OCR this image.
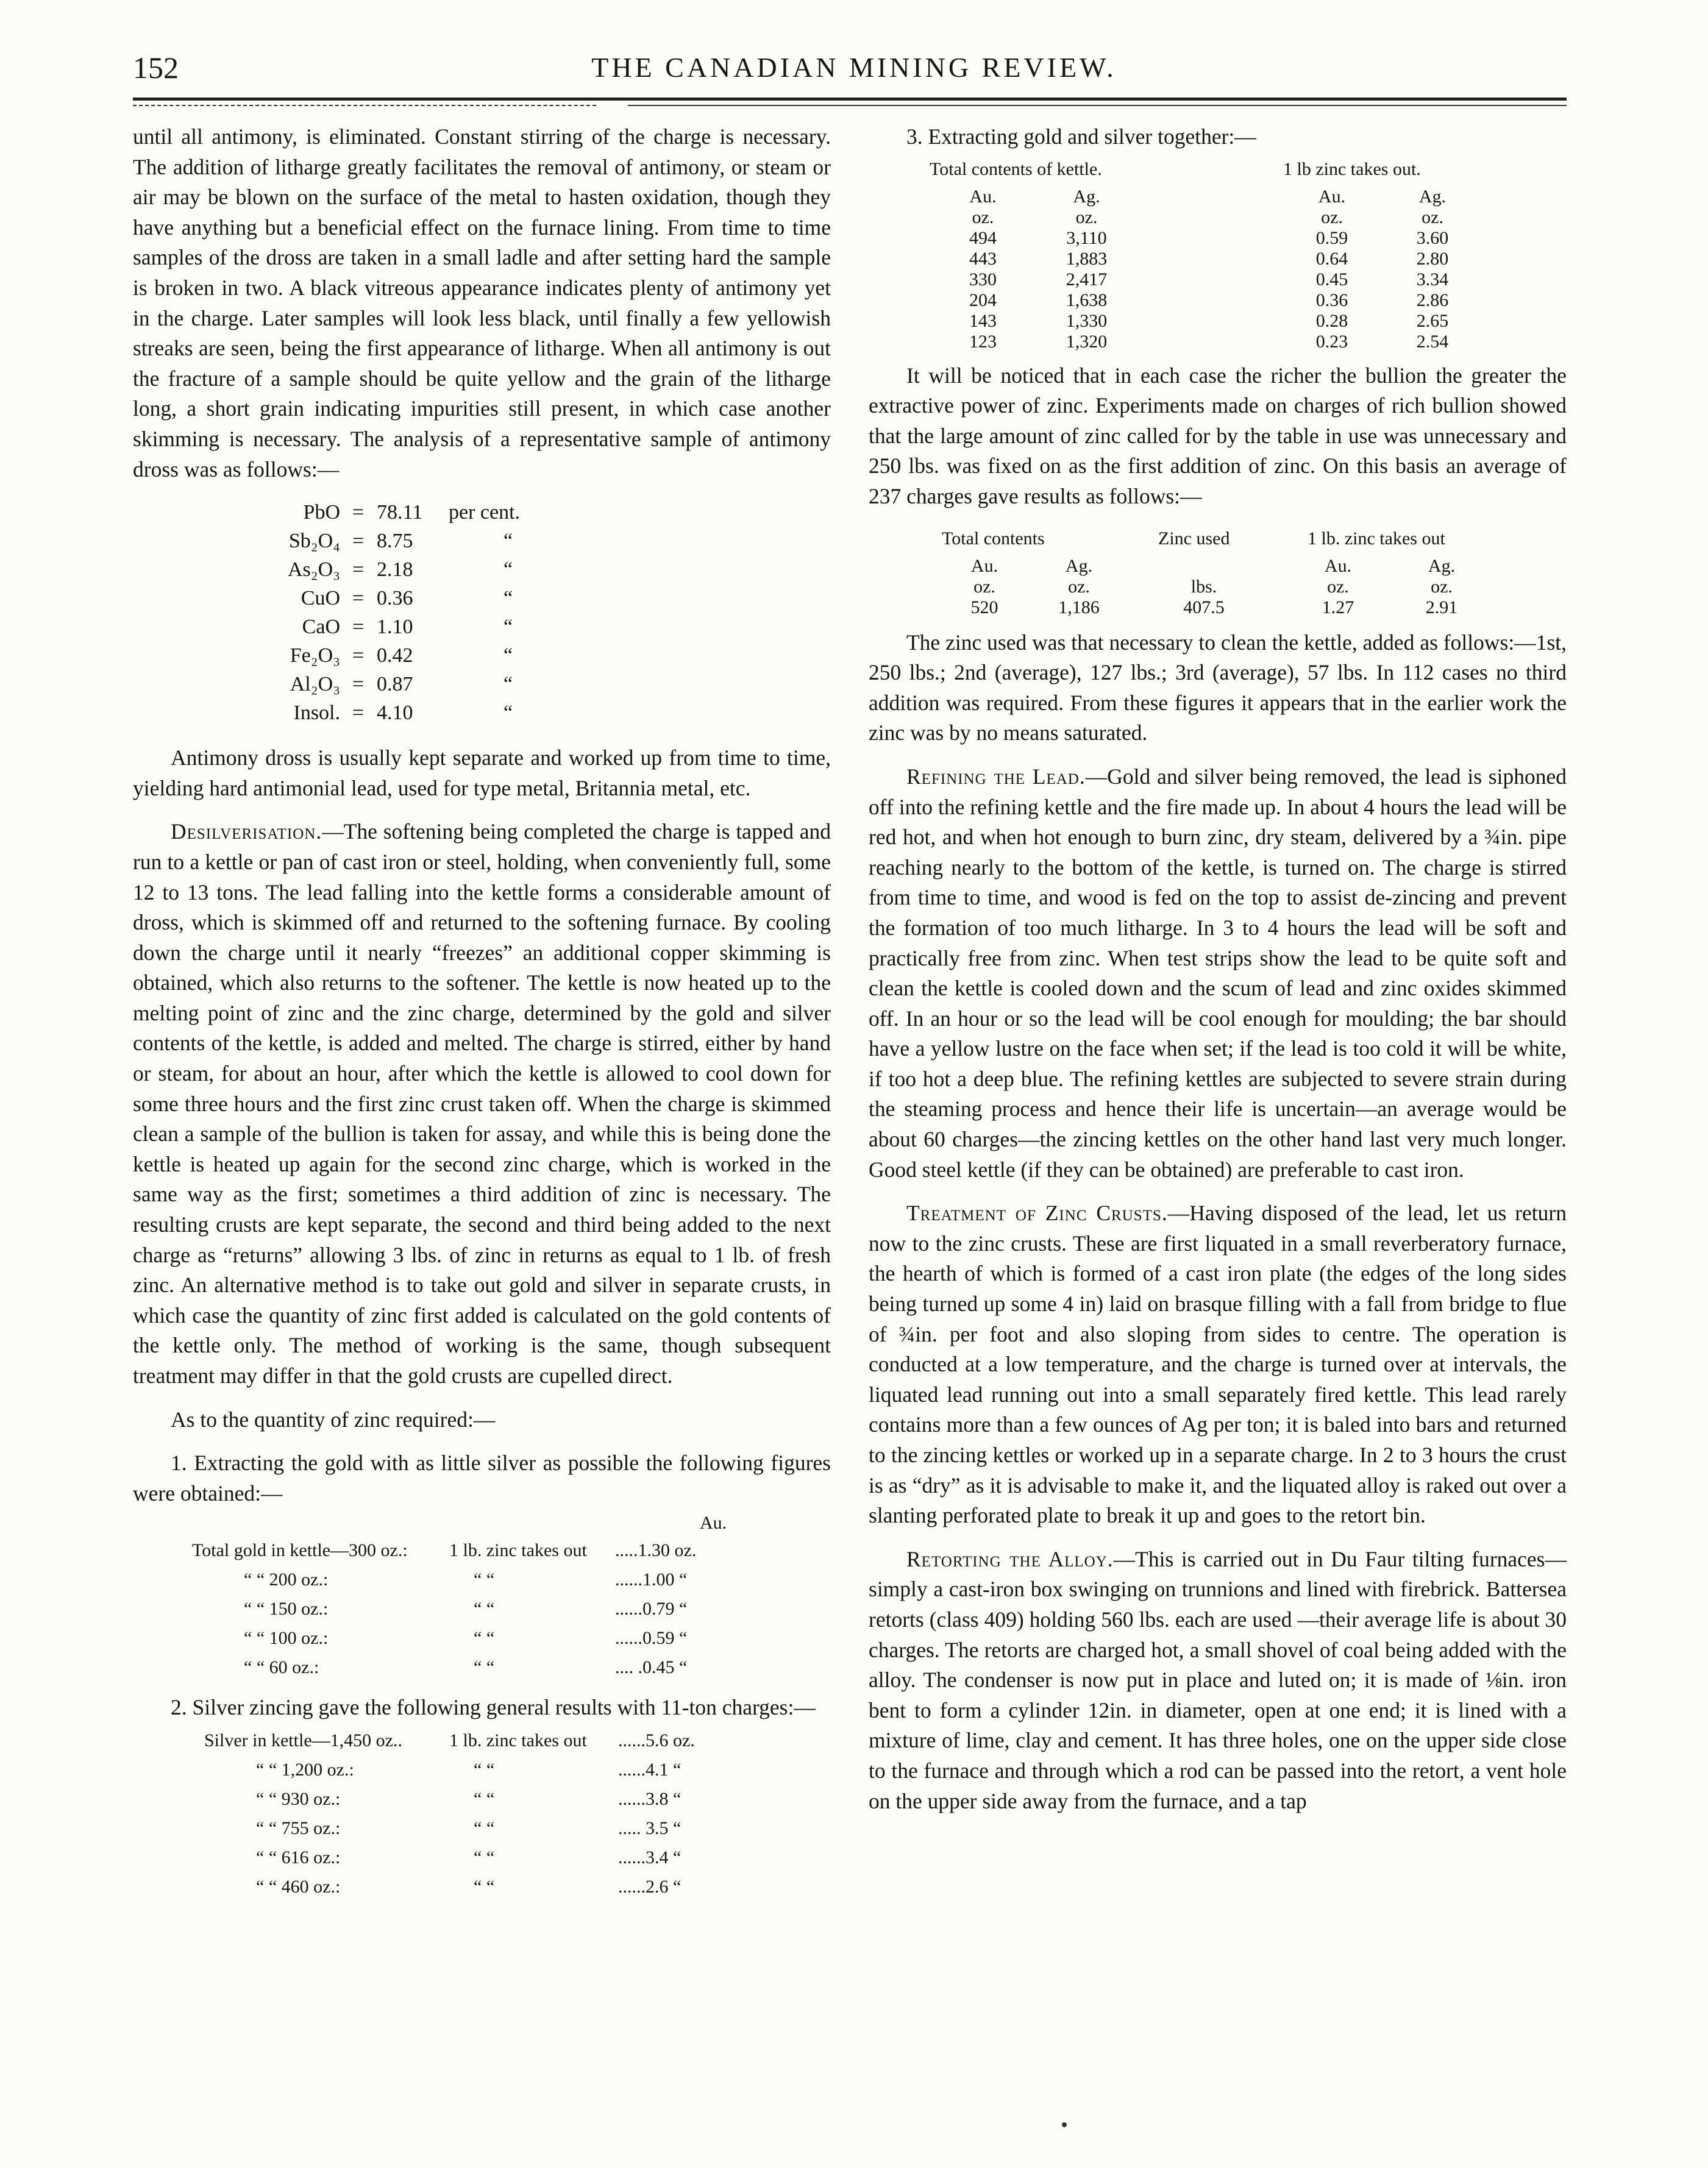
152	THE CANADIAN MINING REVIEW.

until all antimony, is eliminated. Constant stirring of the charge is necessary. The addition of litharge greatly facilitates the removal of antimony, or steam or air may be blown on the surface of the metal to hasten oxidation, though they have anything but a beneficial effect on the furnace lining. From time to time samples of the dross are taken in a small ladle and after setting hard the sample is broken in two. A black vitreous appearance indicates plenty of antimony yet in the charge. Later samples will look less black, until finally a few yellowish streaks are seen, being the first appearance of litharge. When all antimony is out the fracture of a sample should be quite yellow and the grain of the litharge long, a short grain indicating impurities still present, in which case another skimming is necessary. The analysis of a representative sample of antimony dross was as follows:—

PbO = 78.11	per cent.
Sb₂O₄ = 8.75	“
As₂O₃ = 2.18	“
CuO = 0.36	“
CaO = 1.10	“
Fe₂O₃ = 0.42	“
Al₂O₃ = 0.87	“
Insol. = 4.10	“

Antimony dross is usually kept separate and worked up from time to time, yielding hard antimonial lead, used for type metal, Britannia metal, etc.

Desilverisation.—The softening being completed the charge is tapped and run to a kettle or pan of cast iron or steel, holding, when conveniently full, some 12 to 13 tons. The lead falling into the kettle forms a considerable amount of dross, which is skimmed off and returned to the softening furnace. By cooling down the charge until it nearly “freezes” an additional copper skimming is obtained, which also returns to the softener. The kettle is now heated up to the melting point of zinc and the zinc charge, determined by the gold and silver contents of the kettle, is added and melted. The charge is stirred, either by hand or steam, for about an hour, after which the kettle is allowed to cool down for some three hours and the first zinc crust taken off. When the charge is skimmed clean a sample of the bullion is taken for assay, and while this is being done the kettle is heated up again for the second zinc charge, which is worked in the same way as the first; sometimes a third addition of zinc is necessary. The resulting crusts are kept separate, the second and third being added to the next charge as “returns” allowing 3 lbs. of zinc in returns as equal to 1 lb. of fresh zinc. An alternative method is to take out gold and silver in separate crusts, in which case the quantity of zinc first added is calculated on the gold contents of the kettle only. The method of working is the same, though subsequent treatment may differ in that the gold crusts are cupelled direct.

As to the quantity of zinc required:—

1. Extracting the gold with as little silver as possible the following figures were obtained:—

Au.
Total gold in kettle—300 oz.:	1 lb. zinc takes out	.....1.30 oz.
“ “ 200 oz.:	“ “	......1.00 “
“ “ 150 oz.:	“ “	......0.79 “
“ “ 100 oz.:	“ “	......0.59 “
“ “ 60 oz.:	“ “	.... .0.45 “

2. Silver zincing gave the following general results with 11-ton charges:—

Silver in kettle—1,450 oz..	1 lb. zinc takes out	......5.6 oz.
“ “ 1,200 oz.:	“ “	......4.1 “
“ “ 930 oz.:	“ “	......3.8 “
“ “ 755 oz.:	“ “	..... 3.5 “
“ “ 616 oz.:	“ “	......3.4 “
“ “ 460 oz.:	“ “	......2.6 “

3. Extracting gold and silver together:—

Total contents of kettle.	1 lb zinc takes out.
Au.	Ag.		Au.	Ag.
oz.	oz.		oz.	oz.
494	3,110		0.59	3.60
443	1,883		0.64	2.80
330	2,417		0.45	3.34
204	1,638		0.36	2.86
143	1,330		0.28	2.65
123	1,320		0.23	2.54

It will be noticed that in each case the richer the bullion the greater the extractive power of zinc. Experiments made on charges of rich bullion showed that the large amount of zinc called for by the table in use was unnecessary and 250 lbs. was fixed on as the first addition of zinc. On this basis an average of 237 charges gave results as follows:—

Total contents	Zinc used	1 lb. zinc takes out
Au.	Ag.		Au.	Ag.
oz.	oz.	lbs.	oz.	oz.
520	1,186	407.5	1.27	2.91

The zinc used was that necessary to clean the kettle, added as follows:—1st, 250 lbs.; 2nd (average), 127 lbs.; 3rd (average), 57 lbs. In 112 cases no third addition was required. From these figures it appears that in the earlier work the zinc was by no means saturated.

Refining the Lead.—Gold and silver being removed, the lead is siphoned off into the refining kettle and the fire made up. In about 4 hours the lead will be red hot, and when hot enough to burn zinc, dry steam, delivered by a ¾in. pipe reaching nearly to the bottom of the kettle, is turned on. The charge is stirred from time to time, and wood is fed on the top to assist de-zincing and prevent the formation of too much litharge. In 3 to 4 hours the lead will be soft and practically free from zinc. When test strips show the lead to be quite soft and clean the kettle is cooled down and the scum of lead and zinc oxides skimmed off. In an hour or so the lead will be cool enough for moulding; the bar should have a yellow lustre on the face when set; if the lead is too cold it will be white, if too hot a deep blue. The refining kettles are subjected to severe strain during the steaming process and hence their life is uncertain—an average would be about 60 charges—the zincing kettles on the other hand last very much longer. Good steel kettle (if they can be obtained) are preferable to cast iron.

Treatment of Zinc Crusts.—Having disposed of the lead, let us return now to the zinc crusts. These are first liquated in a small reverberatory furnace, the hearth of which is formed of a cast iron plate (the edges of the long sides being turned up some 4 in) laid on brasque filling with a fall from bridge to flue of ¾in. per foot and also sloping from sides to centre. The operation is conducted at a low temperature, and the charge is turned over at intervals, the liquated lead running out into a small separately fired kettle. This lead rarely contains more than a few ounces of Ag per ton; it is baled into bars and returned to the zincing kettles or worked up in a separate charge. In 2 to 3 hours the crust is as “dry” as it is advisable to make it, and the liquated alloy is raked out over a slanting perforated plate to break it up and goes to the retort bin.

Retorting the Alloy.—This is carried out in Du Faur tilting furnaces—simply a cast-iron box swinging on trunnions and lined with firebrick. Battersea retorts (class 409) holding 560 lbs. each are used —their average life is about 30 charges. The retorts are charged hot, a small shovel of coal being added with the alloy. The condenser is now put in place and luted on; it is made of ⅛in. iron bent to form a cylinder 12in. in diameter, open at one end; it is lined with a mixture of lime, clay and cement. It has three holes, one on the upper side close to the furnace and through which a rod can be passed into the retort, a vent hole on the upper side away from the furnace, and a tap
